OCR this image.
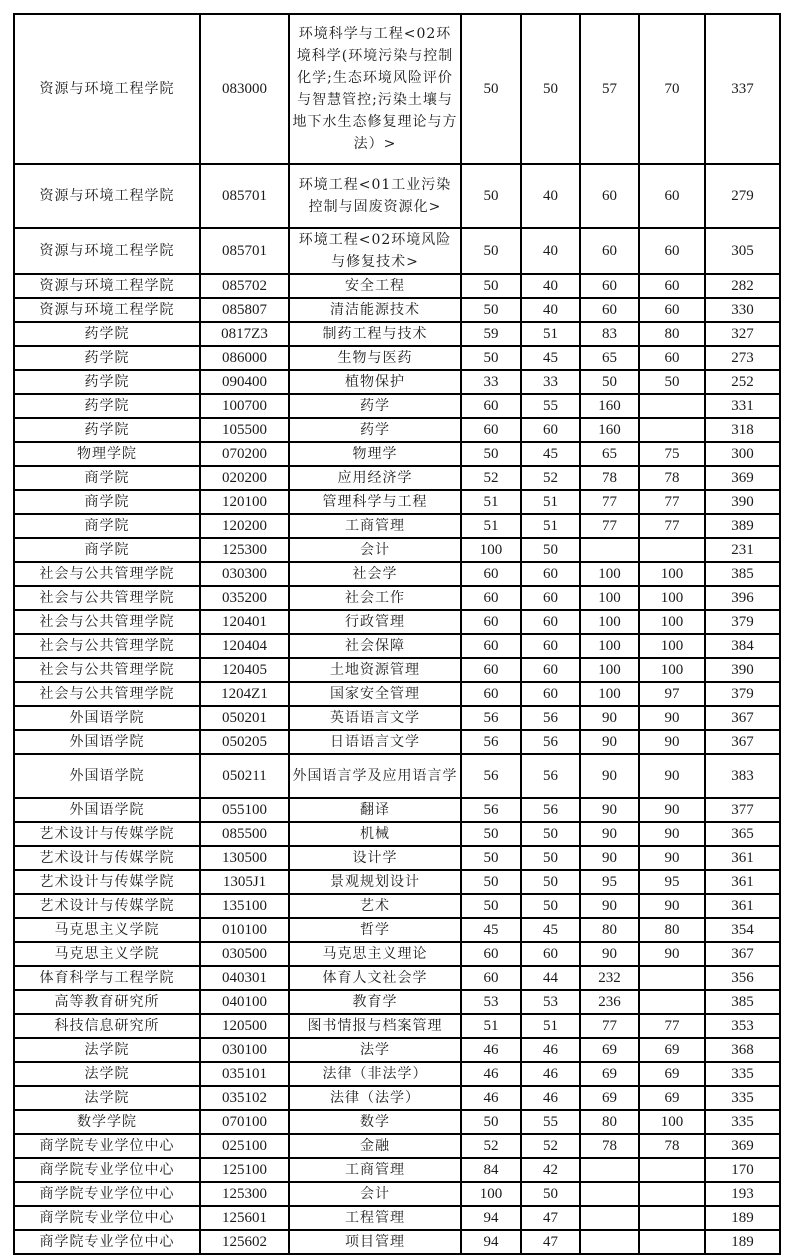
资源与环境工程学院	083000	环境科学与工程<02环境科学(环境污染与控制化学;生态环境风险评价与智慧管控;污染土壤与地下水生态修复理论与方法）>	50	50	57	70	337
资源与环境工程学院	085701	环境工程<01工业污染控制与固废资源化>	50	40	60	60	279
资源与环境工程学院	085701	环境工程<02环境风险与修复技术>	50	40	60	60	305
资源与环境工程学院	085702	安全工程	50	40	60	60	282
资源与环境工程学院	085807	清洁能源技术	50	40	60	60	330
药学院	0817Z3	制药工程与技术	59	51	83	80	327
药学院	086000	生物与医药	50	45	65	60	273
药学院	090400	植物保护	33	33	50	50	252
药学院	100700	药学	60	55	160		331
药学院	105500	药学	60	60	160		318
物理学院	070200	物理学	50	45	65	75	300
商学院	020200	应用经济学	52	52	78	78	369
商学院	120100	管理科学与工程	51	51	77	77	390
商学院	120200	工商管理	51	51	77	77	389
商学院	125300	会计	100	50			231
社会与公共管理学院	030300	社会学	60	60	100	100	385
社会与公共管理学院	035200	社会工作	60	60	100	100	396
社会与公共管理学院	120401	行政管理	60	60	100	100	379
社会与公共管理学院	120404	社会保障	60	60	100	100	384
社会与公共管理学院	120405	土地资源管理	60	60	100	100	390
社会与公共管理学院	1204Z1	国家安全管理	60	60	100	97	379
外国语学院	050201	英语语言文学	56	56	90	90	367
外国语学院	050205	日语语言文学	56	56	90	90	367
外国语学院	050211	外国语言学及应用语言学	56	56	90	90	383
外国语学院	055100	翻译	56	56	90	90	377
艺术设计与传媒学院	085500	机械	50	50	90	90	365
艺术设计与传媒学院	130500	设计学	50	50	90	90	361
艺术设计与传媒学院	1305J1	景观规划设计	50	50	95	95	361
艺术设计与传媒学院	135100	艺术	50	50	90	90	361
马克思主义学院	010100	哲学	45	45	80	80	354
马克思主义学院	030500	马克思主义理论	60	60	90	90	367
体育科学与工程学院	040301	体育人文社会学	60	44	232		356
高等教育研究所	040100	教育学	53	53	236		385
科技信息研究所	120500	图书情报与档案管理	51	51	77	77	353
法学院	030100	法学	46	46	69	69	368
法学院	035101	法律（非法学）	46	46	69	69	335
法学院	035102	法律（法学）	46	46	69	69	335
数学学院	070100	数学	50	55	80	100	335
商学院专业学位中心	025100	金融	52	52	78	78	369
商学院专业学位中心	125100	工商管理	84	42			170
商学院专业学位中心	125300	会计	100	50			193
商学院专业学位中心	125601	工程管理	94	47			189
商学院专业学位中心	125602	项目管理	94	47			189
